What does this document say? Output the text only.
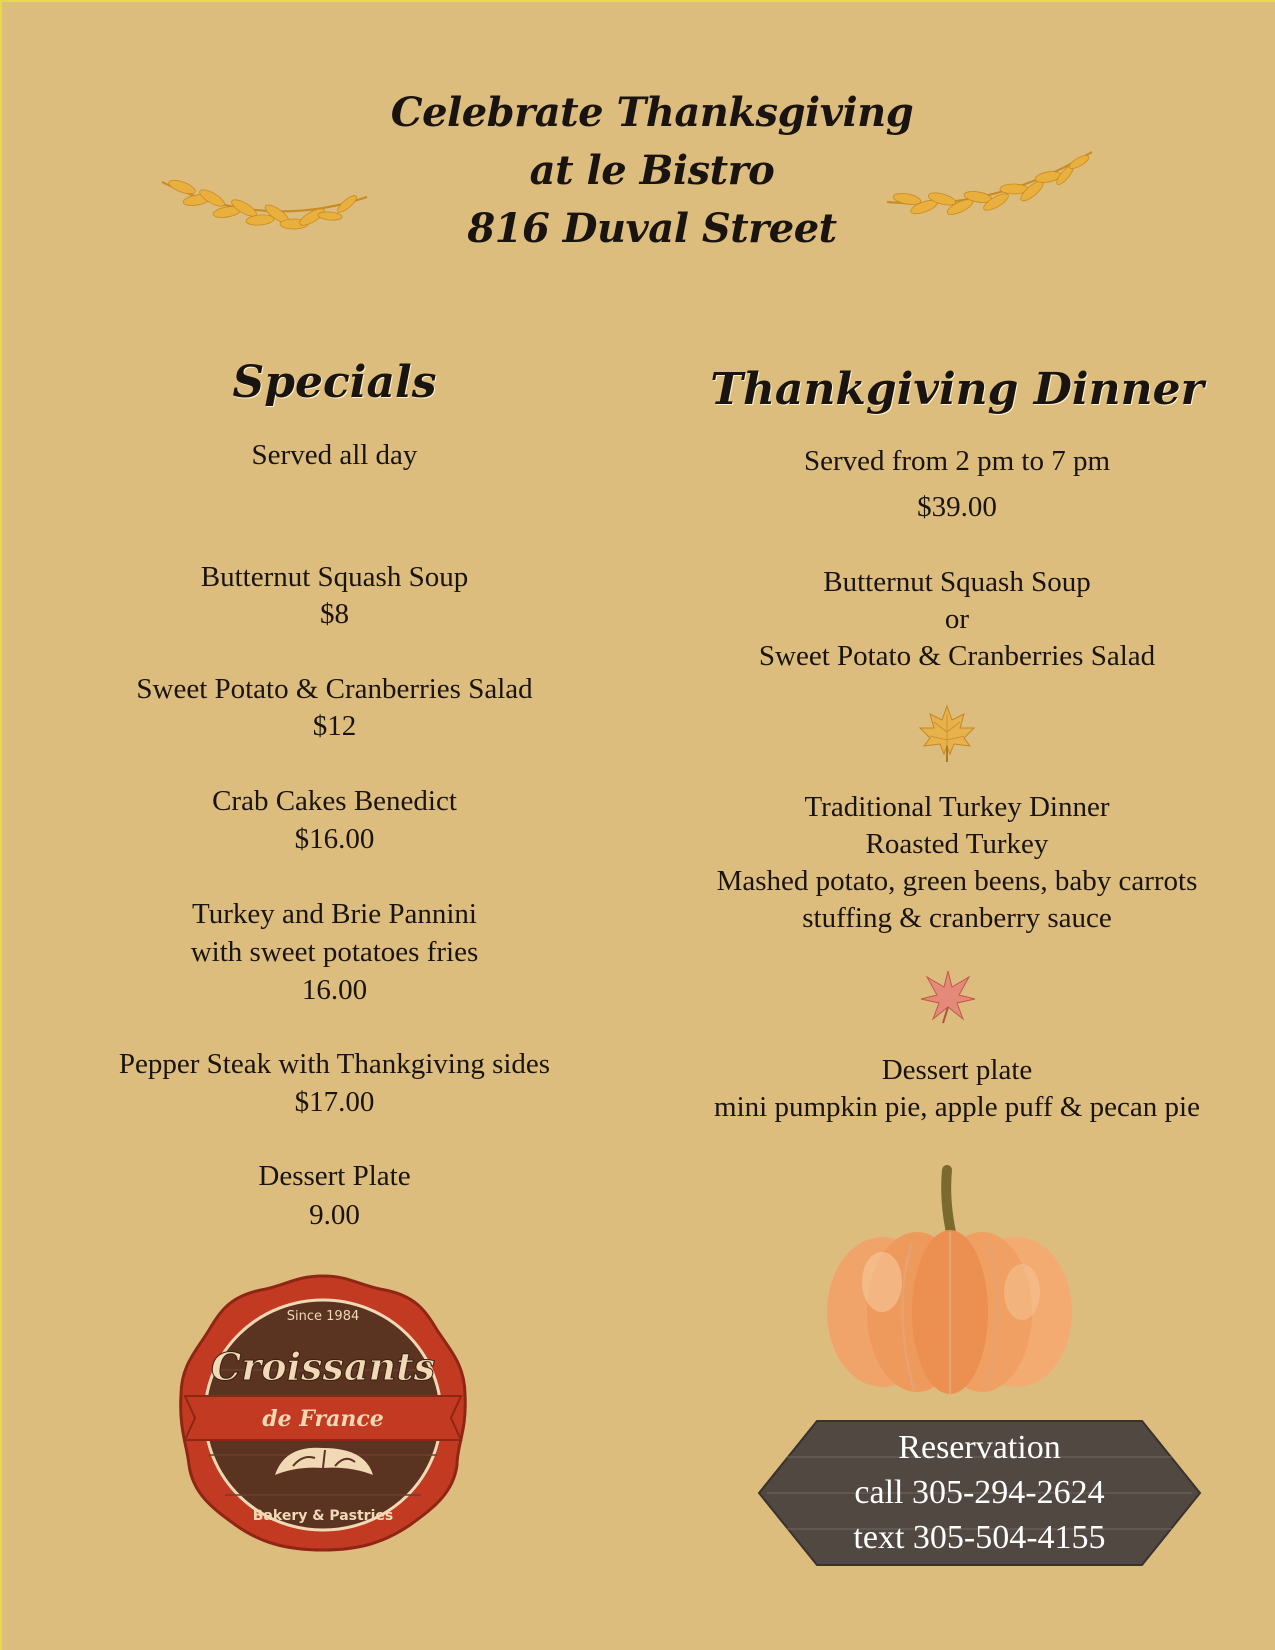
Celebrate Thanksgiving
at le Bistro
816 Duval Street
Specials
Served all day
Butternut Squash Soup
$8
Sweet Potato & Cranberries Salad
$12
Crab Cakes Benedict
$16.00
Turkey and Brie Pannini
with sweet potatoes fries
16.00
Pepper Steak with Thankgiving sides
$17.00
Dessert Plate
9.00
Thankgiving Dinner
Served from 2 pm to 7 pm
$39.00
Butternut Squash Soup
or
Sweet Potato & Cranberries Salad
Traditional Turkey Dinner
Roasted Turkey
Mashed potato, green beens, baby carrots
stuffing & cranberry sauce
Dessert plate
mini pumpkin pie, apple puff & pecan pie
Reservation
call 305-294-2624
text 305-504-4155
Since 1984
Croissants
de France
Bakery & Pastries
